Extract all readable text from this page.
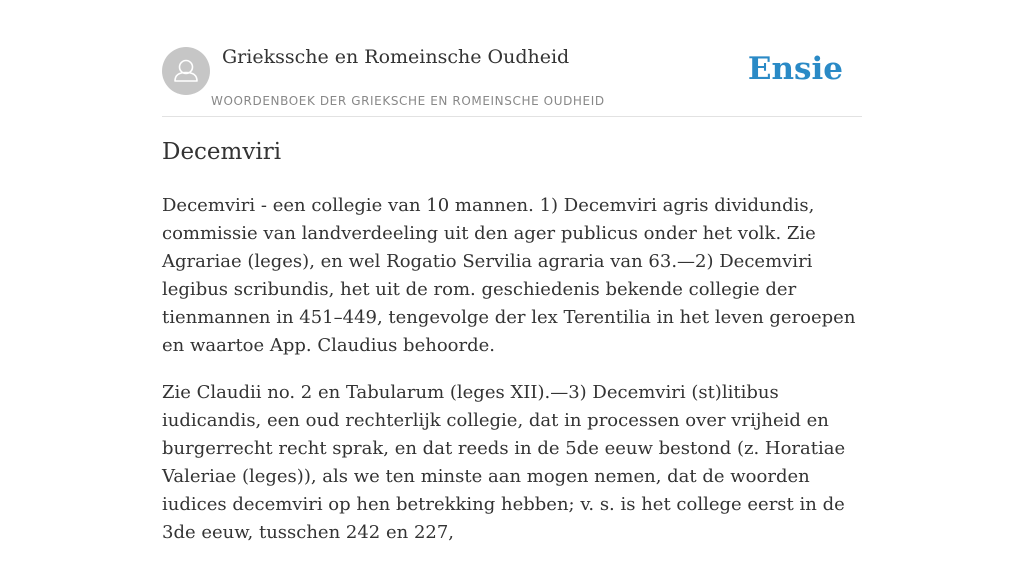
Griekssche en Romeinsche Oudheid
WOORDENBOEK DER GRIEKSCHE EN ROMEINSCHE OUDHEID
Ensie
Decemviri

Decemviri - een collegie van 10 mannen. 1) Decemviri agris dividundis, commissie van landverdeeling uit den ager publicus onder het volk. Zie Agrariae (leges), en wel Rogatio Servilia agraria van 63.—2) Decemviri legibus scribundis, het uit de rom. geschiedenis bekende collegie der tienmannen in 451–449, tengevolge der lex Terentilia in het leven geroepen en waartoe App. Claudius behoorde.

Zie Claudii no. 2 en Tabularum (leges XII).—3) Decemviri (st)litibus iudicandis, een oud rechterlijk collegie, dat in processen over vrijheid en burgerrecht recht sprak, en dat reeds in de 5de eeuw bestond (z. Horatiae Valeriae (leges)), als we ten minste aan mogen nemen, dat de woorden iudices decemviri op hen betrekking hebben; v. s. is het college eerst in de 3de eeuw, tusschen 242 en 227,
